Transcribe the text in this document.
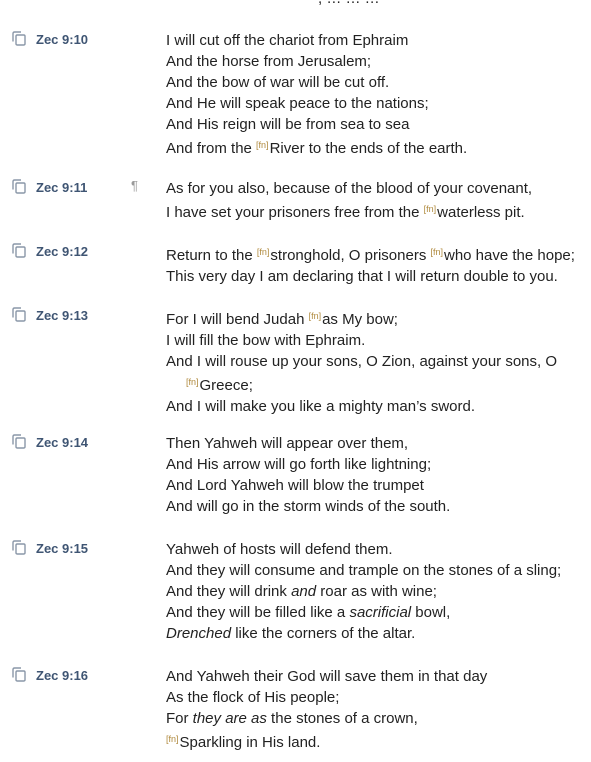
Zec 9:10	I will cut off the chariot from Ephraim
And the horse from Jerusalem;
And the bow of war will be cut off.
And He will speak peace to the nations;
And His reign will be from sea to sea
And from the [fn]River to the ends of the earth.
Zec 9:11	¶ As for you also, because of the blood of your covenant,
I have set your prisoners free from the [fn]waterless pit.
Zec 9:12	Return to the [fn]stronghold, O prisoners [fn]who have the hope;
This very day I am declaring that I will return double to you.
Zec 9:13	For I will bend Judah [fn]as My bow;
I will fill the bow with Ephraim.
And I will rouse up your sons, O Zion, against your sons, O
[fn]Greece;
And I will make you like a mighty man’s sword.
Zec 9:14	Then Yahweh will appear over them,
And His arrow will go forth like lightning;
And Lord Yahweh will blow the trumpet
And will go in the storm winds of the south.
Zec 9:15	Yahweh of hosts will defend them.
And they will consume and trample on the stones of a sling;
And they will drink and roar as with wine;
And they will be filled like a sacrificial bowl,
Drenched like the corners of the altar.
Zec 9:16	And Yahweh their God will save them in that day
As the flock of His people;
For they are as the stones of a crown,
[fn]Sparkling in His land.
